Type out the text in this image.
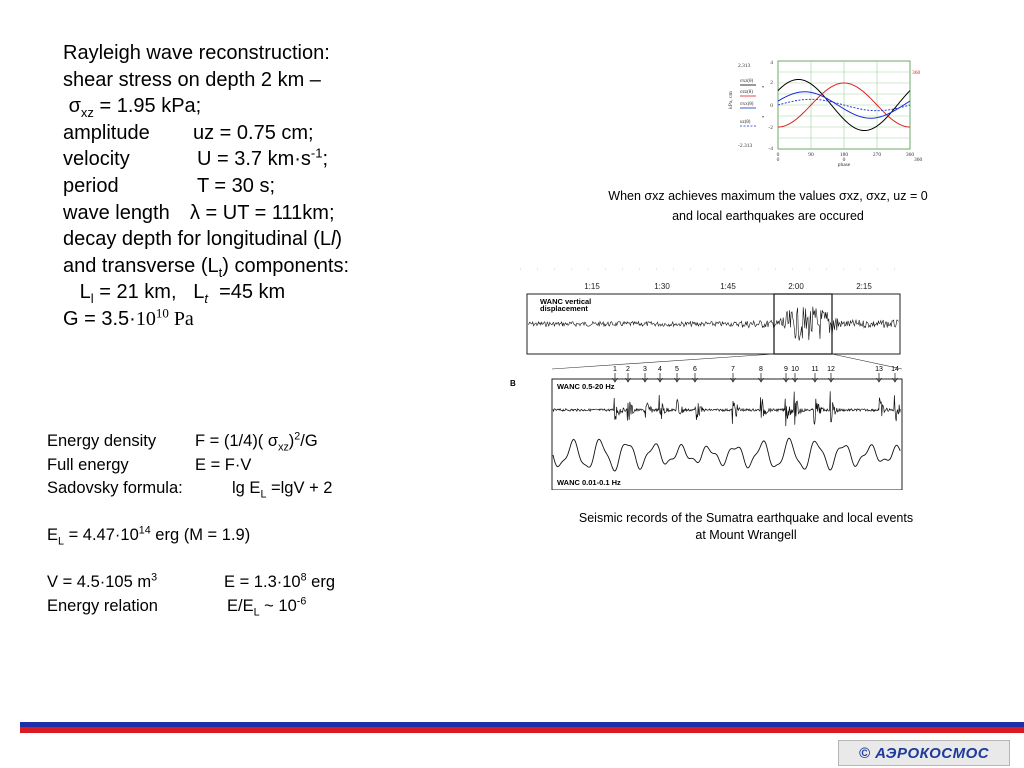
Rayleigh wave reconstruction:
shear stress on depth 2 km –
$\sigma_{xz} = 1.95$ kPa;
amplitude uz = 0.75 cm;
velocity	U = 3.7 $km\cdot s^{-1}$;
period	T = 30 s;
wave length λ = UT = 111km;
decay depth for longitudinal (Ll)
and transverse $(L_t)$ components:
$L_l = 21$ km, $L_t =45$ km
$G = 3.5\cdot 10^{10}$ Pa
Energy density F = (1/4)( $\sigma_{xz})^2/G$
Full energy	E = F·V
Sadovsky formula:	$\lg E_L =\lg V + 2$
$E_L = 4.47\cdot 10^{14}$ erg (M = 1.9)
V = 4.5·105 $m^3$	$E = 1.3\cdot 10^8$ erg
Energy relation	$E/E_L$ ~ $10^{-6}$
4
2
0
-2
-4
2.313
-2.313
kPa, cm
σxz(θ)
σzz(θ)
σxx(θ)
uz(θ)
•
•
0	90	180	270	360
0	0
phase
360
360
When σxz achieves maximum the values σxz, σxz, uz = 0
and local earthquakes are occured
1:15	1:30	1:45	2:00	2:15
WANC vertical
displacement
1 2 3 4 5 6	7	8	9 10 11 12	13 14
B	WANC 0.5-20 Hz
WANC 0.01-0.1 Hz
Seismic records of the Sumatra earthquake and local events
at Mount Wrangell
© АЭРОКОСМОС
